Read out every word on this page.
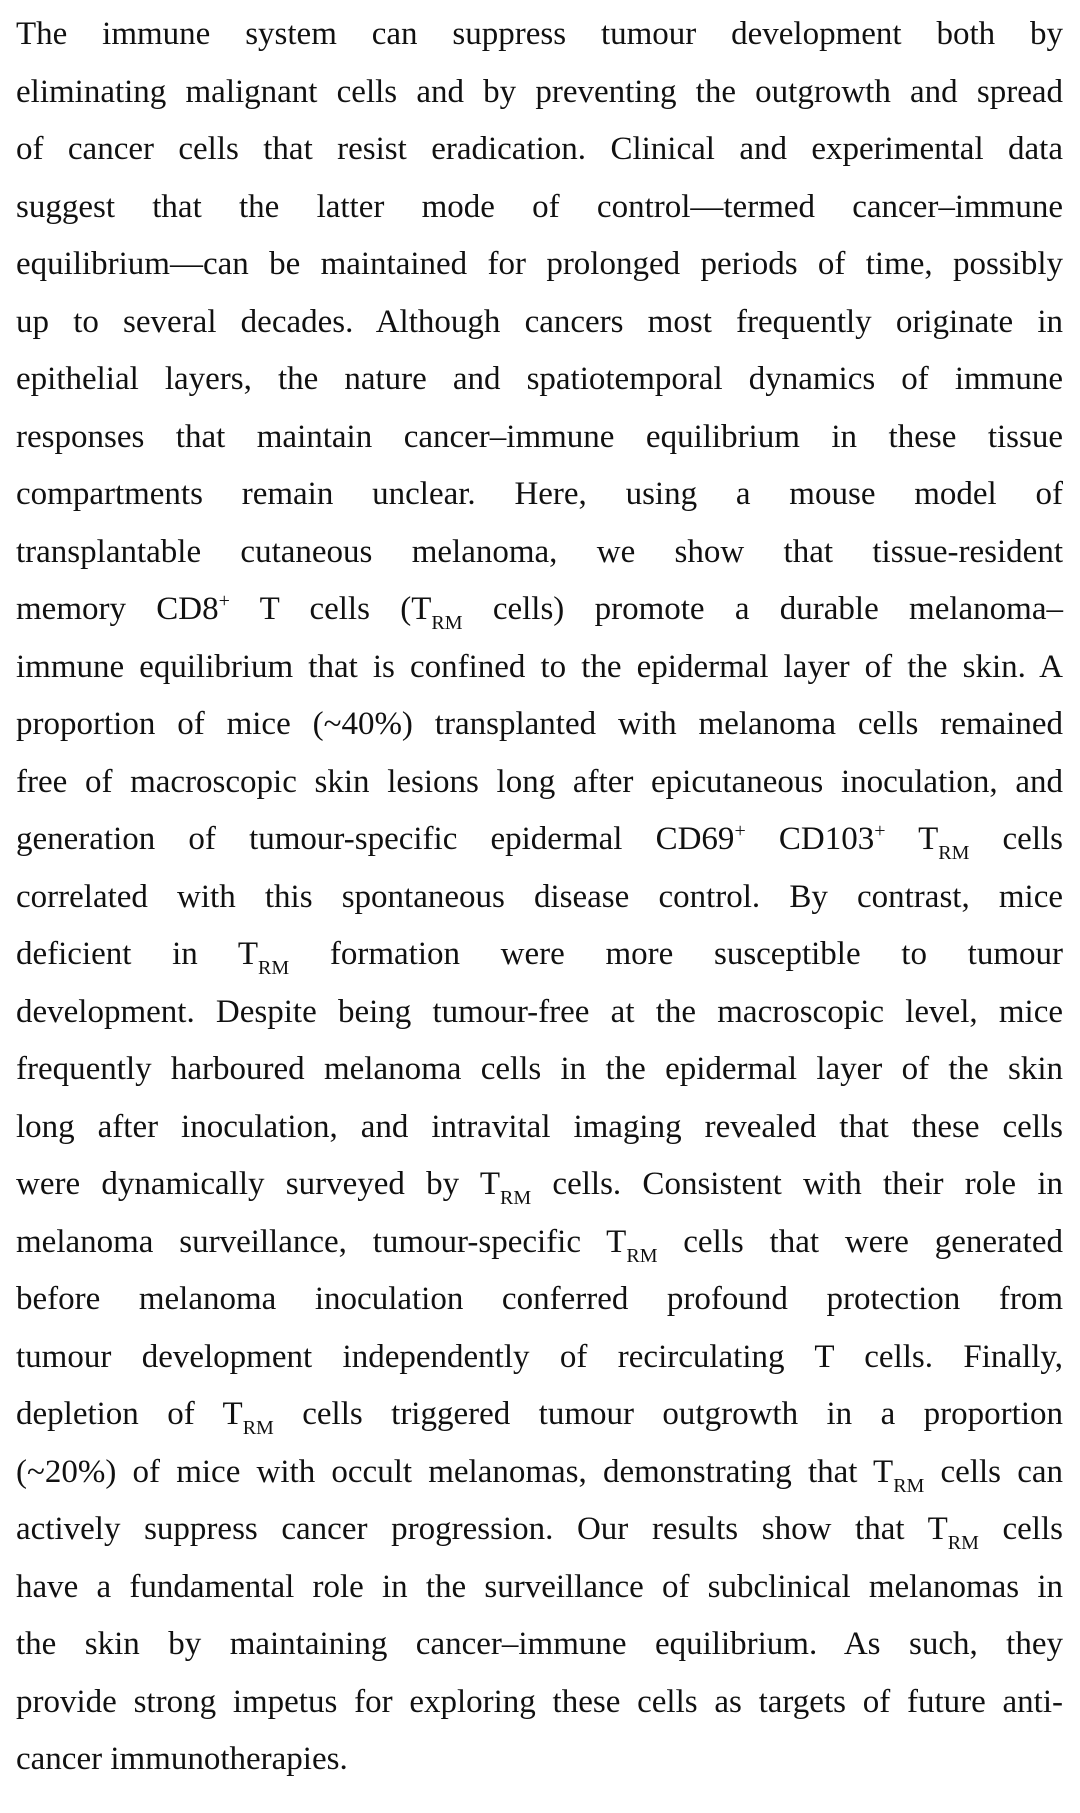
The immune system can suppress tumour development both by
eliminating malignant cells and by preventing the outgrowth and spread
of cancer cells that resist eradication. Clinical and experimental data
suggest that the latter mode of control—termed cancer–immune
equilibrium—can be maintained for prolonged periods of time, possibly
up to several decades. Although cancers most frequently originate in
epithelial layers, the nature and spatiotemporal dynamics of immune
responses that maintain cancer–immune equilibrium in these tissue
compartments remain unclear. Here, using a mouse model of
transplantable cutaneous melanoma, we show that tissue-resident
memory CD8+ T cells ($T_{RM}$ cells) promote a durable melanoma–
immune equilibrium that is confined to the epidermal layer of the skin. A
proportion of mice (~40%) transplanted with melanoma cells remained
free of macroscopic skin lesions long after epicutaneous inoculation, and
generation of tumour-specific epidermal CD69+ CD103+ $T_{RM}$ cells
correlated with this spontaneous disease control. By contrast, mice
deficient in $T_{RM}$ formation were more susceptible to tumour
development. Despite being tumour-free at the macroscopic level, mice
frequently harboured melanoma cells in the epidermal layer of the skin
long after inoculation, and intravital imaging revealed that these cells
were dynamically surveyed by $T_{RM}$ cells. Consistent with their role in
melanoma surveillance, tumour-specific $T_{RM}$ cells that were generated
before melanoma inoculation conferred profound protection from
tumour development independently of recirculating T cells. Finally,
depletion of $T_{RM}$ cells triggered tumour outgrowth in a proportion
(~20%) of mice with occult melanomas, demonstrating that $T_{RM}$ cells can
actively suppress cancer progression. Our results show that $T_{RM}$ cells
have a fundamental role in the surveillance of subclinical melanomas in
the skin by maintaining cancer–immune equilibrium. As such, they
provide strong impetus for exploring these cells as targets of future anti-
cancer immunotherapies.
